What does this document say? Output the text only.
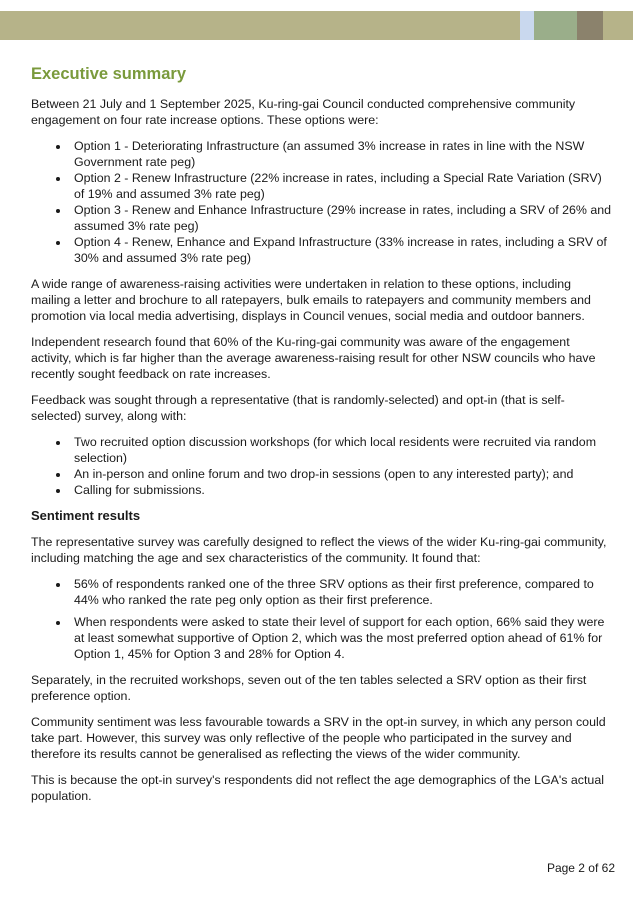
Executive summary

Between 21 July and 1 September 2025, Ku-ring-gai Council conducted comprehensive community engagement on four rate increase options. These options were:

• Option 1 - Deteriorating Infrastructure (an assumed 3% increase in rates in line with the NSW Government rate peg)
• Option 2 - Renew Infrastructure (22% increase in rates, including a Special Rate Variation (SRV) of 19% and assumed 3% rate peg)
• Option 3 - Renew and Enhance Infrastructure (29% increase in rates, including a SRV of 26% and assumed 3% rate peg)
• Option 4 - Renew, Enhance and Expand Infrastructure (33% increase in rates, including a SRV of 30% and assumed 3% rate peg)

A wide range of awareness-raising activities were undertaken in relation to these options, including mailing a letter and brochure to all ratepayers, bulk emails to ratepayers and community members and promotion via local media advertising, displays in Council venues, social media and outdoor banners.

Independent research found that 60% of the Ku-ring-gai community was aware of the engagement activity, which is far higher than the average awareness-raising result for other NSW councils who have recently sought feedback on rate increases.

Feedback was sought through a representative (that is randomly-selected) and opt-in (that is self-selected) survey, along with:

• Two recruited option discussion workshops (for which local residents were recruited via random selection)
• An in-person and online forum and two drop-in sessions (open to any interested party); and
• Calling for submissions.
Sentiment results

The representative survey was carefully designed to reflect the views of the wider Ku-ring-gai community, including matching the age and sex characteristics of the community. It found that:

• 56% of respondents ranked one of the three SRV options as their first preference, compared to 44% who ranked the rate peg only option as their first preference.
• When respondents were asked to state their level of support for each option, 66% said they were at least somewhat supportive of Option 2, which was the most preferred option ahead of 61% for Option 1, 45% for Option 3 and 28% for Option 4.

Separately, in the recruited workshops, seven out of the ten tables selected a SRV option as their first preference option.

Community sentiment was less favourable towards a SRV in the opt-in survey, in which any person could take part. However, this survey was only reflective of the people who participated in the survey and therefore its results cannot be generalised as reflecting the views of the wider community.

This is because the opt-in survey's respondents did not reflect the age demographics of the LGA's actual population.

Page 2 of 62
